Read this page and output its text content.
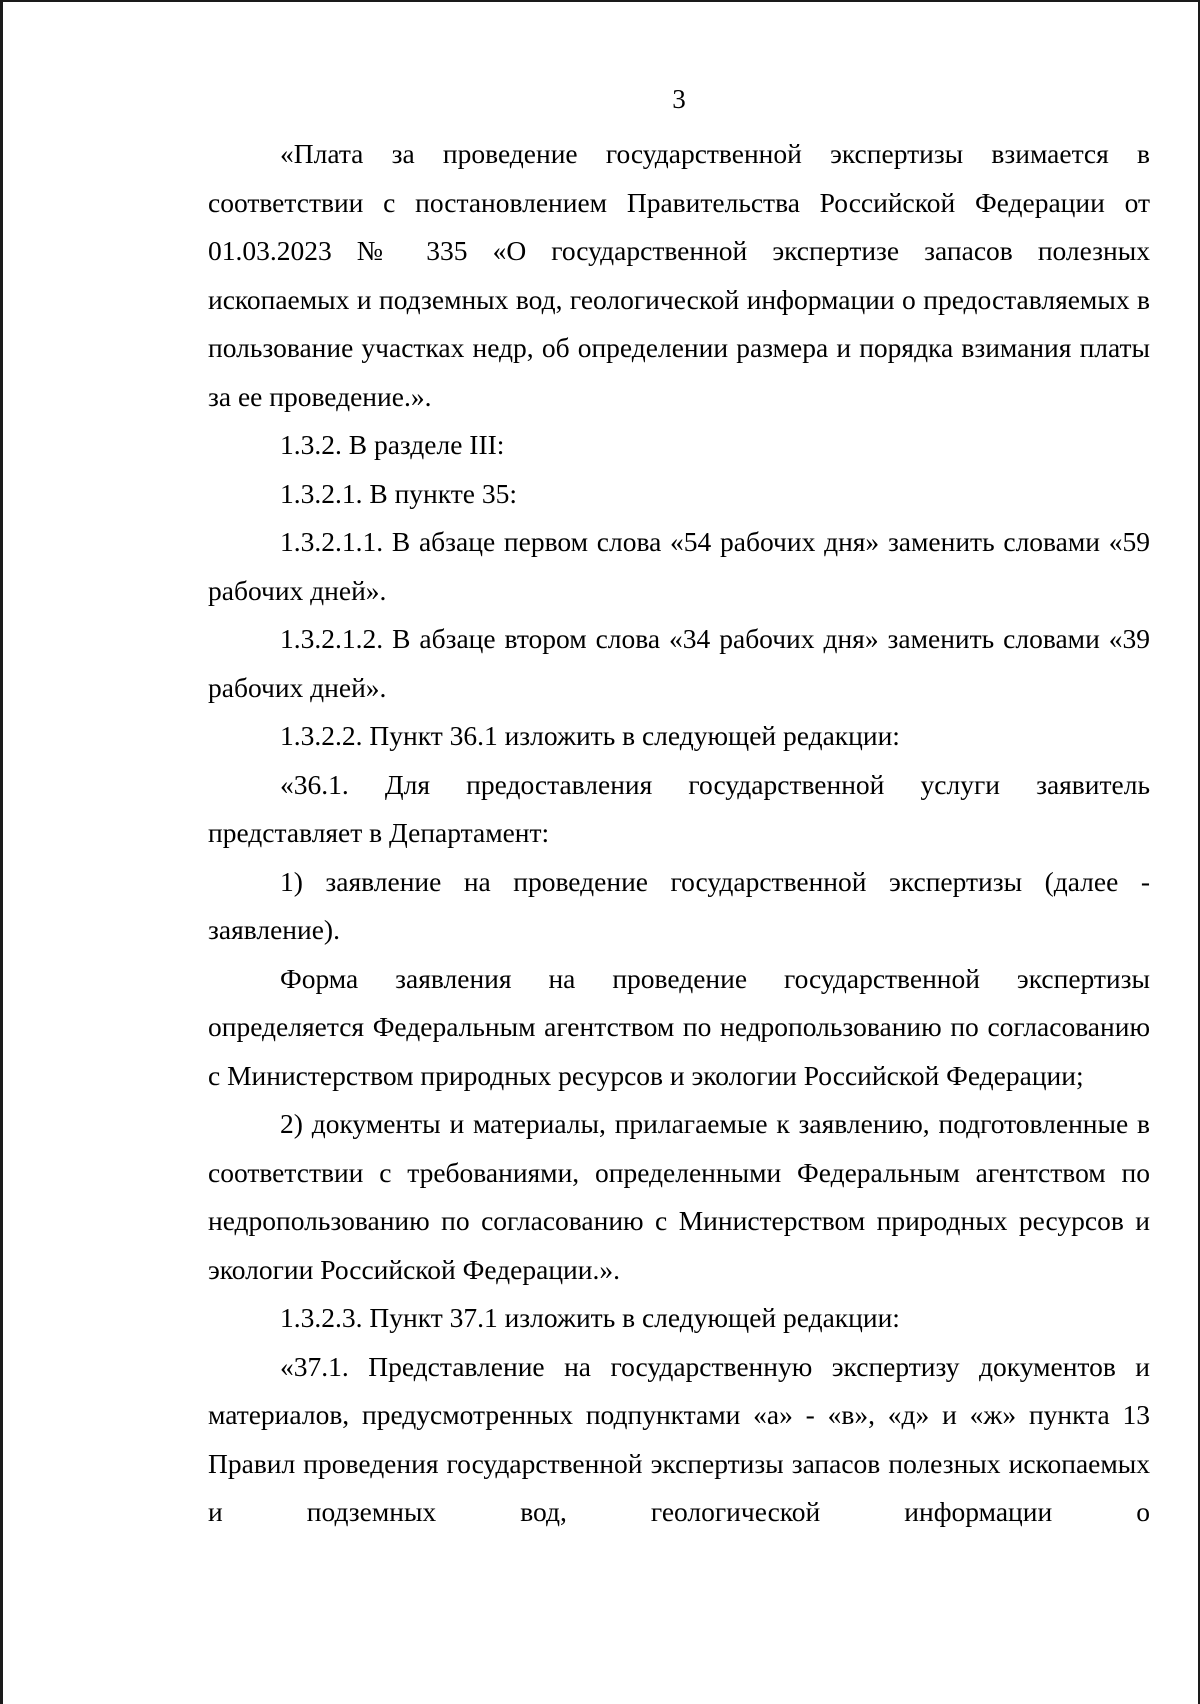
3

«Плата за проведение государственной экспертизы взимается в соответствии с постановлением Правительства Российской Федерации от 01.03.2023 № 335 «О государственной экспертизе запасов полезных ископаемых и подземных вод, геологической информации о предоставляемых в пользование участках недр, об определении размера и порядка взимания платы за ее проведение.».

1.3.2. В разделе III:

1.3.2.1. В пункте 35:

1.3.2.1.1. В абзаце первом слова «54 рабочих дня» заменить словами «59 рабочих дней».

1.3.2.1.2. В абзаце втором слова «34 рабочих дня» заменить словами «39 рабочих дней».

1.3.2.2. Пункт 36.1 изложить в следующей редакции:

«36.1. Для предоставления государственной услуги заявитель представляет в Департамент:

1) заявление на проведение государственной экспертизы (далее - заявление).

Форма заявления на проведение государственной экспертизы определяется Федеральным агентством по недропользованию по согласованию с Министерством природных ресурсов и экологии Российской Федерации;

2) документы и материалы, прилагаемые к заявлению, подготовленные в соответствии с требованиями, определенными Федеральным агентством по недропользованию по согласованию с Министерством природных ресурсов и экологии Российской Федерации.».

1.3.2.3. Пункт 37.1 изложить в следующей редакции:

«37.1. Представление на государственную экспертизу документов и материалов, предусмотренных подпунктами «а» - «в», «д» и «ж» пункта 13 Правил проведения государственной экспертизы запасов полезных ископаемых и подземных вод, геологической информации о
